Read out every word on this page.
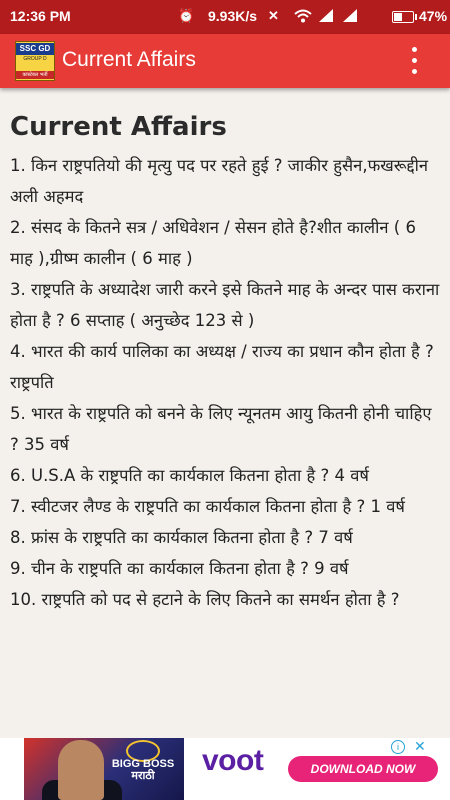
12:36 PM	9.93K/s
⏰	✕	47%
SSC GD
GROUP D
कांस्टेबल भर्ती
Current Affairs
Current Affairs

1. किन राष्ट्रपतियो की मृत्यु पद पर रहते हुई ? जाकीर हुसैन,फखरूद्दीन अली अहमद

2. संसद के कितने सत्र / अधिवेशन / सेसन होते है?शीत कालीन ( 6 माह ),ग्रीष्म कालीन ( 6 माह )

3. राष्ट्रपति के अध्यादेश जारी करने इसे कितने माह के अन्दर पास कराना होता है ? 6 सप्ताह ( अनुच्छेद 123 से )

4. भारत की कार्य पालिका का अध्यक्ष / राज्य का प्रधान कौन होता है ? राष्ट्रपति

5. भारत के राष्ट्रपति को बनने के लिए न्यूनतम आयु कितनी होनी चाहिए ? 35 वर्ष

6. U.S.A के राष्ट्रपति का कार्यकाल कितना होता है ? 4 वर्ष

7. स्वीटजर लैण्ड के राष्ट्रपति का कार्यकाल कितना होता है ? 1 वर्ष

8. फ्रांस के राष्ट्रपति का कार्यकाल कितना होता है ? 7 वर्ष

9. चीन के राष्ट्रपति का कार्यकाल कितना होता है ? 9 वर्ष

10. राष्ट्रपति को पद से हटाने के लिए कितने का समर्थन होता है ?

BIGG BOSS
मराठी	voot	DOWNLOAD NOW
i	✕
